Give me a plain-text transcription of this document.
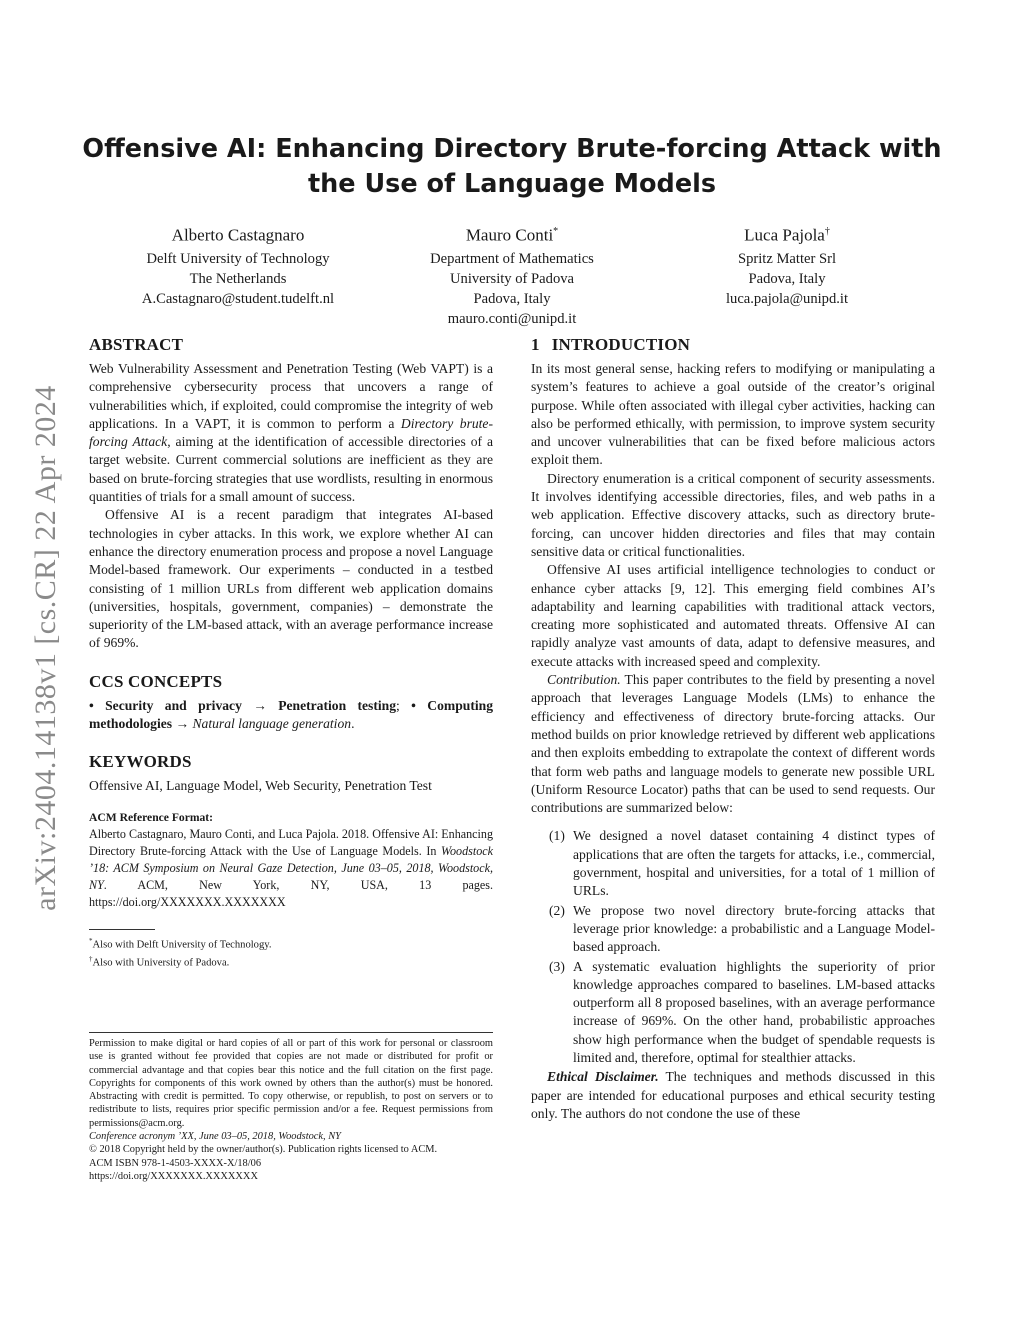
arXiv:2404.14138v1 [cs.CR] 22 Apr 2024
Offensive AI: Enhancing Directory Brute-forcing Attack with the Use of Language Models
Alberto Castagnaro
Delft University of Technology
The Netherlands
A.Castagnaro@student.tudelft.nl
Mauro Conti*
Department of Mathematics
University of Padova
Padova, Italy
mauro.conti@unipd.it
Luca Pajola†
Spritz Matter Srl
Padova, Italy
luca.pajola@unipd.it
ABSTRACT

Web Vulnerability Assessment and Penetration Testing (Web VAPT) is a comprehensive cybersecurity process that uncovers a range of vulnerabilities which, if exploited, could compromise the integrity of web applications. In a VAPT, it is common to perform a Directory brute-forcing Attack, aiming at the identification of accessible directories of a target website. Current commercial solutions are inefficient as they are based on brute-forcing strategies that use wordlists, resulting in enormous quantities of trials for a small amount of success.

Offensive AI is a recent paradigm that integrates AI-based technologies in cyber attacks. In this work, we explore whether AI can enhance the directory enumeration process and propose a novel Language Model-based framework. Our experiments – conducted in a testbed consisting of 1 million URLs from different web application domains (universities, hospitals, government, companies) – demonstrate the superiority of the LM-based attack, with an average performance increase of 969%.

CCS CONCEPTS
• Security and privacy → Penetration testing; • Computing methodologies → Natural language generation.
KEYWORDS

Offensive AI, Language Model, Web Security, Penetration Test

ACM Reference Format:

Alberto Castagnaro, Mauro Conti, and Luca Pajola. 2018. Offensive AI: Enhancing Directory Brute-forcing Attack with the Use of Language Models. In Woodstock ’18: ACM Symposium on Neural Gaze Detection, June 03–05, 2018, Woodstock, NY. ACM, New York, NY, USA, 13 pages. https://doi.org/XXXXXXX.XXXXXXX

*Also with Delft University of Technology.
†Also with University of Padova.

Permission to make digital or hard copies of all or part of this work for personal or classroom use is granted without fee provided that copies are not made or distributed for profit or commercial advantage and that copies bear this notice and the full citation on the first page. Copyrights for components of this work owned by others than the author(s) must be honored. Abstracting with credit is permitted. To copy otherwise, or republish, to post on servers or to redistribute to lists, requires prior specific permission and/or a fee. Request permissions from permissions@acm.org.

Conference acronym ’XX, June 03–05, 2018, Woodstock, NY
© 2018 Copyright held by the owner/author(s). Publication rights licensed to ACM.
ACM ISBN 978-1-4503-XXXX-X/18/06
https://doi.org/XXXXXXX.XXXXXXX
1 INTRODUCTION

In its most general sense, hacking refers to modifying or manipulating a system’s features to achieve a goal outside of the creator’s original purpose. While often associated with illegal cyber activities, hacking can also be performed ethically, with permission, to improve system security and uncover vulnerabilities that can be fixed before malicious actors exploit them.

Directory enumeration is a critical component of security assessments. It involves identifying accessible directories, files, and web paths in a web application. Effective discovery attacks, such as directory brute-forcing, can uncover hidden directories and files that may contain sensitive data or critical functionalities.

Offensive AI uses artificial intelligence technologies to conduct or enhance cyber attacks [9, 12]. This emerging field combines AI’s adaptability and learning capabilities with traditional attack vectors, creating more sophisticated and automated threats. Offensive AI can rapidly analyze vast amounts of data, adapt to defensive measures, and execute attacks with increased speed and complexity.

Contribution. This paper contributes to the field by presenting a novel approach that leverages Language Models (LMs) to enhance the efficiency and effectiveness of directory brute-forcing attacks. Our method builds on prior knowledge retrieved by different web applications and then exploits embedding to extrapolate the context of different words that form web paths and language models to generate new possible URL (Uniform Resource Locator) paths that can be used to send requests. Our contributions are summarized below:

(1) We designed a novel dataset containing 4 distinct types of applications that are often the targets for attacks, i.e., commercial, government, hospital and universities, for a total of 1 million of URLs.
(2) We propose two novel directory brute-forcing attacks that leverage prior knowledge: a probabilistic and a Language Model-based approach.
(3) A systematic evaluation highlights the superiority of prior knowledge approaches compared to baselines. LM-based attacks outperform all 8 proposed baselines, with an average performance increase of 969%. On the other hand, probabilistic approaches show high performance when the budget of spendable requests is limited and, therefore, optimal for stealthier attacks.

Ethical Disclaimer. The techniques and methods discussed in this paper are intended for educational purposes and ethical security testing only. The authors do not condone the use of these
